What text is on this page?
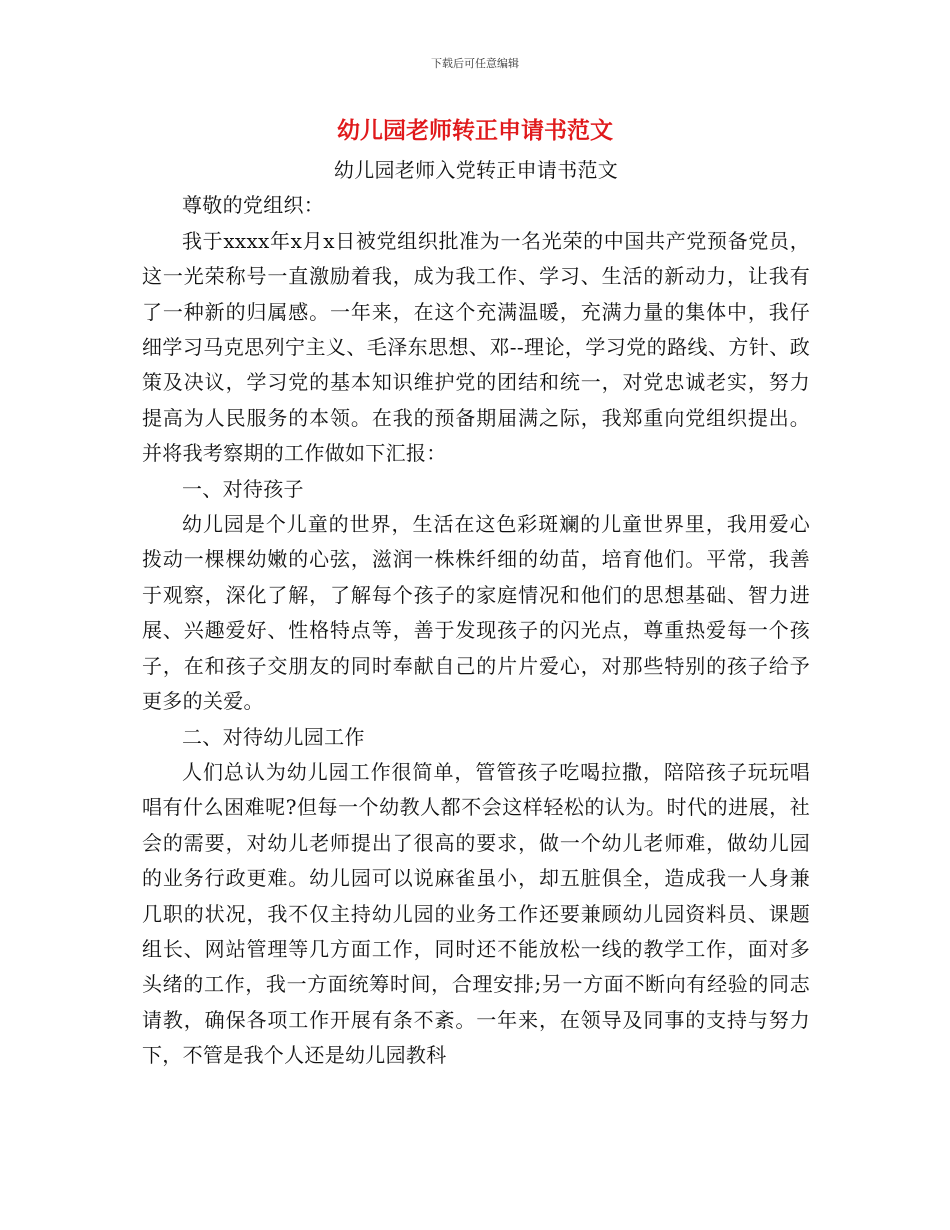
下载后可任意编辑
幼儿园老师转正申请书范文

幼儿园老师入党转正申请书范文

尊敬的党组织：

我于xxxx年x月x日被党组织批准为一名光荣的中国共产党预备党员，这一光荣称号一直激励着我，成为我工作、学习、生活的新动力，让我有了一种新的归属感。一年来，在这个充满温暖，充满力量的集体中，我仔细学习马克思列宁主义、毛泽东思想、邓--理论，学习党的路线、方针、政策及决议，学习党的基本知识维护党的团结和统一，对党忠诚老实，努力提高为人民服务的本领。在我的预备期届满之际，我郑重向党组织提出。并将我考察期的工作做如下汇报：

一、对待孩子

幼儿园是个儿童的世界，生活在这色彩斑斓的儿童世界里，我用爱心拨动一棵棵幼嫩的心弦，滋润一株株纤细的幼苗，培育他们。平常，我善于观察，深化了解，了解每个孩子的家庭情况和他们的思想基础、智力进展、兴趣爱好、性格特点等，善于发现孩子的闪光点，尊重热爱每一个孩子，在和孩子交朋友的同时奉献自己的片片爱心，对那些特别的孩子给予更多的关爱。

二、对待幼儿园工作

人们总认为幼儿园工作很简单，管管孩子吃喝拉撒，陪陪孩子玩玩唱唱有什么困难呢?但每一个幼教人都不会这样轻松的认为。时代的进展，社会的需要，对幼儿老师提出了很高的要求，做一个幼儿老师难，做幼儿园的业务行政更难。幼儿园可以说麻雀虽小，却五脏俱全，造成我一人身兼几职的状况，我不仅主持幼儿园的业务工作还要兼顾幼儿园资料员、课题组长、网站管理等几方面工作，同时还不能放松一线的教学工作，面对多头绪的工作，我一方面统筹时间，合理安排;另一方面不断向有经验的同志请教，确保各项工作开展有条不紊。一年来，在领导及同事的支持与努力下，不管是我个人还是幼儿园教科
